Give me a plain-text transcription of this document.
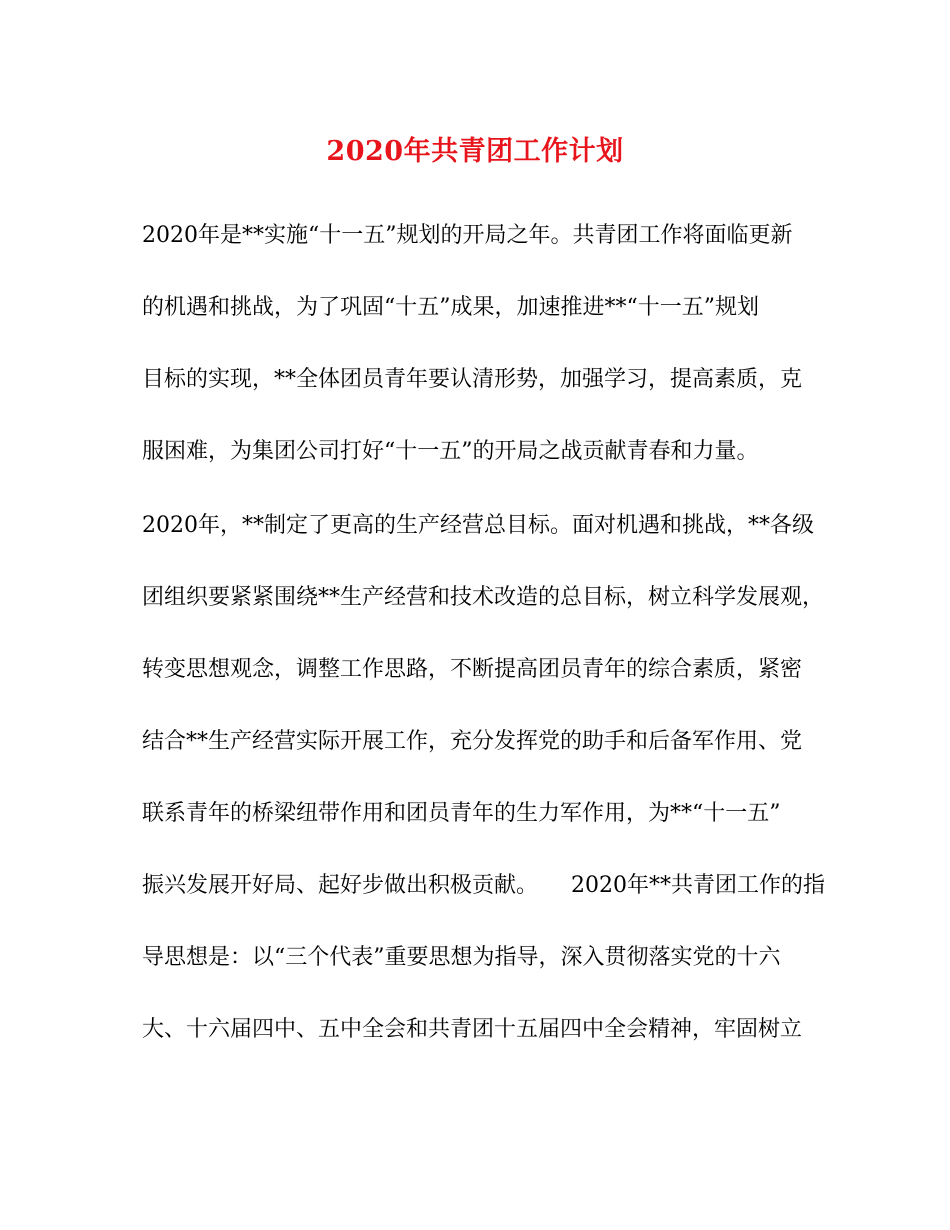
2020年共青团工作计划
2020年是**实施“十一五”规划的开局之年。共青团工作将面临更新
的机遇和挑战，为了巩固“十五”成果，加速推进**“十一五”规划
目标的实现，**全体团员青年要认清形势，加强学习，提高素质，克
服困难，为集团公司打好“十一五”的开局之战贡献青春和力量。
2020年，**制定了更高的生产经营总目标。面对机遇和挑战，**各级
团组织要紧紧围绕**生产经营和技术改造的总目标，树立科学发展观，
转变思想观念，调整工作思路，不断提高团员青年的综合素质，紧密
结合**生产经营实际开展工作，充分发挥党的助手和后备军作用、党
联系青年的桥梁纽带作用和团员青年的生力军作用，为**“十一五”
振兴发展开好局、起好步做出积极贡献。　　2020年**共青团工作的指
导思想是：以“三个代表”重要思想为指导，深入贯彻落实党的十六
大、十六届四中、五中全会和共青团十五届四中全会精神，牢固树立
